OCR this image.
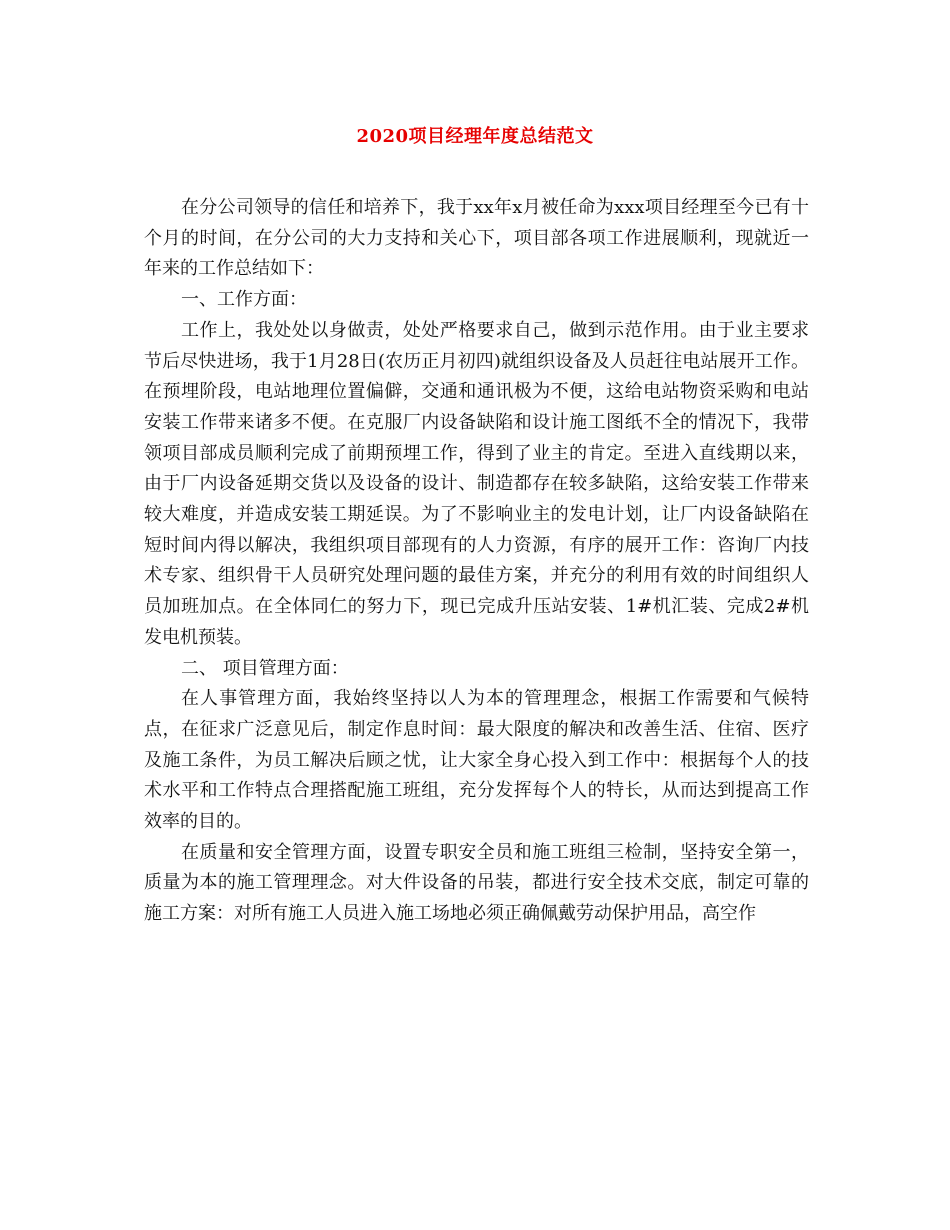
2020项目经理年度总结范文

在分公司领导的信任和培养下，我于xx年x月被任命为xxx项目经理至今已有十个月的时间，在分公司的大力支持和关心下，项目部各项工作进展顺利，现就近一年来的工作总结如下：

一、工作方面：

工作上，我处处以身做责，处处严格要求自己，做到示范作用。由于业主要求节后尽快进场，我于1月28日(农历正月初四)就组织设备及人员赶往电站展开工作。在预埋阶段，电站地理位置偏僻，交通和通讯极为不便，这给电站物资采购和电站安装工作带来诸多不便。在克服厂内设备缺陷和设计施工图纸不全的情况下，我带领项目部成员顺利完成了前期预埋工作，得到了业主的肯定。至进入直线期以来，由于厂内设备延期交货以及设备的设计、制造都存在较多缺陷，这给安装工作带来较大难度，并造成安装工期延误。为了不影响业主的发电计划，让厂内设备缺陷在短时间内得以解决，我组织项目部现有的人力资源，有序的展开工作：咨询厂内技术专家、组织骨干人员研究处理问题的最佳方案，并充分的利用有效的时间组织人员加班加点。在全体同仁的努力下，现已完成升压站安装、1#机汇装、完成2#机发电机预装。

二、 项目管理方面：

在人事管理方面，我始终坚持以人为本的管理理念，根据工作需要和气候特点，在征求广泛意见后，制定作息时间：最大限度的解决和改善生活、住宿、医疗及施工条件，为员工解决后顾之忧，让大家全身心投入到工作中：根据每个人的技术水平和工作特点合理搭配施工班组，充分发挥每个人的特长，从而达到提高工作效率的目的。

在质量和安全管理方面，设置专职安全员和施工班组三检制，坚持安全第一，质量为本的施工管理理念。对大件设备的吊装，都进行安全技术交底，制定可靠的施工方案：对所有施工人员进入施工场地必须正确佩戴劳动保护用品，高空作
